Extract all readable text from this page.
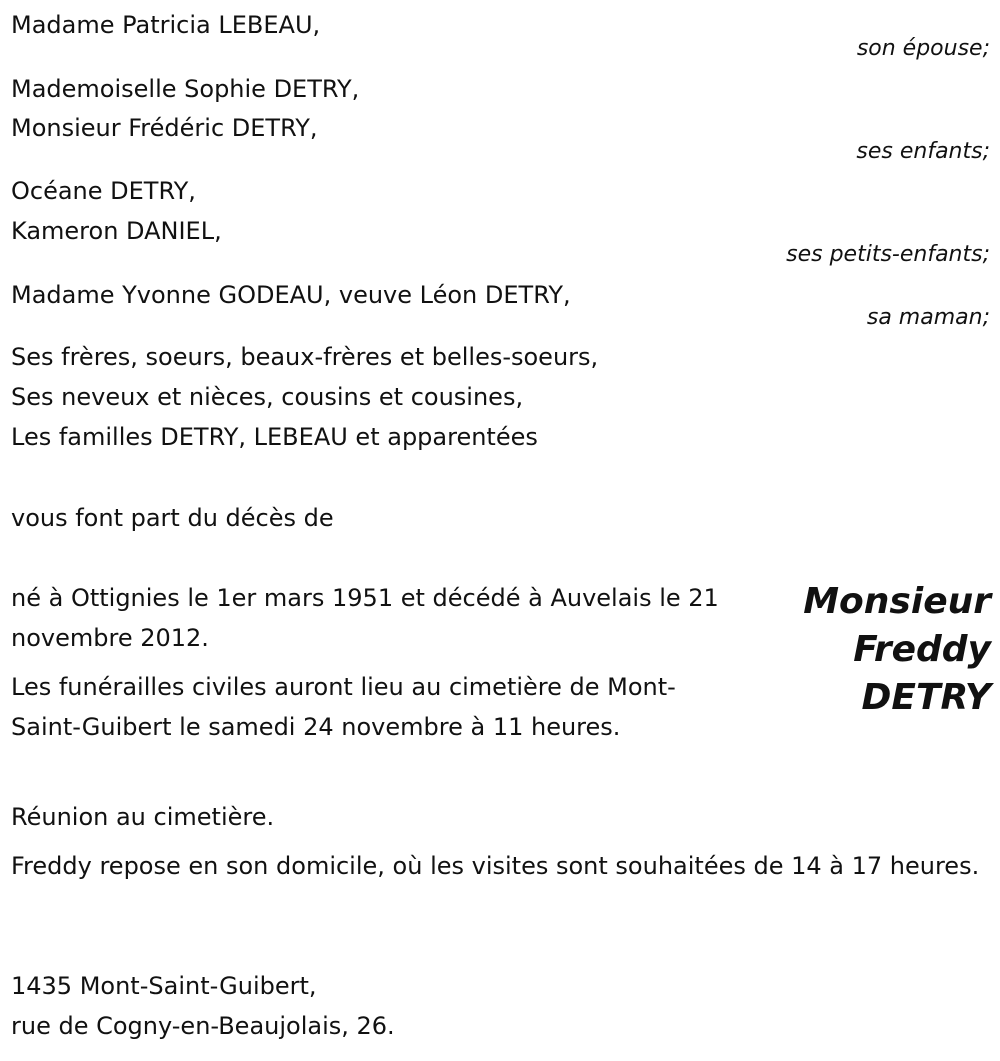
Madame Patricia LEBEAU,
son épouse;
Mademoiselle Sophie DETRY,
Monsieur Frédéric DETRY,
ses enfants;
Océane DETRY,
Kameron DANIEL,
ses petits-enfants;
Madame Yvonne GODEAU, veuve Léon DETRY,
sa maman;
Ses frères, soeurs, beaux-frères et belles-soeurs,
Ses neveux et nièces, cousins et cousines,
Les familles DETRY, LEBEAU et apparentées
vous font part du décès de
Monsieur
Freddy
DETRY
né à Ottignies le 1er mars 1951 et décédé à Auvelais le 21 novembre 2012.
Les funérailles civiles auront lieu au cimetière de Mont-Saint-Guibert le samedi 24 novembre à 11 heures.
Réunion au cimetière.
Freddy repose en son domicile, où les visites sont souhaitées de 14 à 17 heures.
1435 Mont-Saint-Guibert,
rue de Cogny-en-Beaujolais, 26.
